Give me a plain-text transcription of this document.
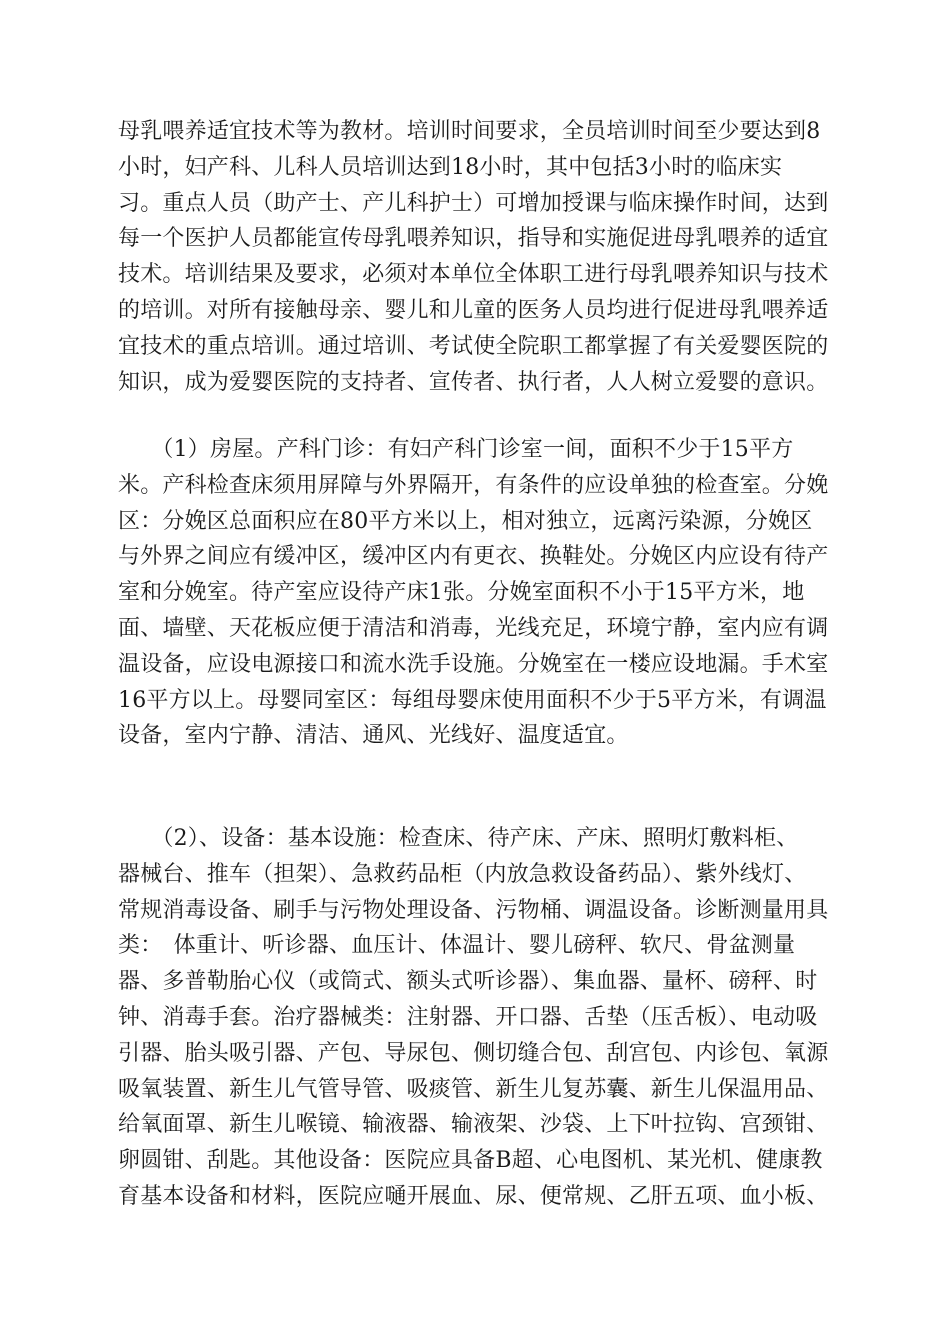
母乳喂养适宜技术等为教材。培训时间要求，全员培训时间至少要达到8
小时，妇产科、儿科人员培训达到18小时，其中包括3小时的临床实
习。重点人员（助产士、产儿科护士）可增加授课与临床操作时间，达到
每一个医护人员都能宣传母乳喂养知识，指导和实施促进母乳喂养的适宜
技术。培训结果及要求，必须对本单位全体职工进行母乳喂养知识与技术
的培训。对所有接触母亲、婴儿和儿童的医务人员均进行促进母乳喂养适
宜技术的重点培训。通过培训、考试使全院职工都掌握了有关爱婴医院的
知识，成为爱婴医院的支持者、宣传者、执行者，人人树立爱婴的意识。
　　（1）房屋。产科门诊：有妇产科门诊室一间，面积不少于15平方
米。产科检查床须用屏障与外界隔开，有条件的应设单独的检查室。分娩
区：分娩区总面积应在80平方米以上，相对独立，远离污染源，分娩区
与外界之间应有缓冲区，缓冲区内有更衣、换鞋处。分娩区内应设有待产
室和分娩室。待产室应设待产床1张。分娩室面积不小于15平方米，地
面、墙壁、天花板应便于清洁和消毒，光线充足，环境宁静，室内应有调
温设备，应设电源接口和流水洗手设施。分娩室在一楼应设地漏。手术室
16平方以上。母婴同室区：每组母婴床使用面积不少于5平方米，有调温
设备，室内宁静、清洁、通风、光线好、温度适宜。
　　（2）、设备：基本设施：检查床、待产床、产床、照明灯敷料柜、
器械台、推车（担架）、急救药品柜（内放急救设备药品）、紫外线灯、
常规消毒设备、刷手与污物处理设备、污物桶、调温设备。诊断测量用具
类：　体重计、听诊器、血压计、体温计、婴儿磅秤、软尺、骨盆测量
器、多普勒胎心仪（或筒式、额头式听诊器）、集血器、量杯、磅秤、时
钟、消毒手套。治疗器械类：注射器、开口器、舌垫（压舌板）、电动吸
引器、胎头吸引器、产包、导尿包、侧切缝合包、刮宫包、内诊包、氧源
吸氧装置、新生儿气管导管、吸痰管、新生儿复苏囊、新生儿保温用品、
给氧面罩、新生儿喉镜、输液器、输液架、沙袋、上下叶拉钩、宫颈钳、
卵圆钳、刮匙。其他设备：医院应具备B超、心电图机、某光机、健康教
育基本设备和材料，医院应嗵开展血、尿、便常规、乙肝五项、血小板、
